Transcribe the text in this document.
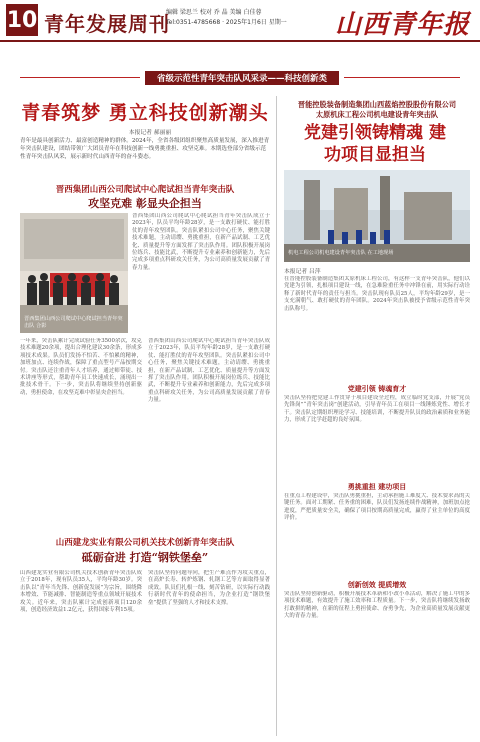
10 青年发展周刊
编辑 梁思兰 校对 乔 晶 美编 白佳蓉
Tel:0351-4785668 · 2025年1月6日 星期一	山西青年报
省级示范性青年突击队风采录——科技创新类
青春筑梦 勇立科技创新潮头
本报记者 郝丽丽
青年是最具创新活力、最富创造精神的群体。2024年，全省各级团组织聚焦高质量发展，深入推进青年突击队建设，团结带领广大团员青年在科技创新一线勇挑重担、攻坚克难。本期选登部分省级示范性青年突击队风采，展示新时代山西青年的奋斗姿态。
晋西集团山西公司爬试中心爬试担当青年突击队
攻坚克难 彰显央企担当
晋西集团山西公司爬试中心爬试担当青年突击队 合影
晋西集团山西公司爬试中心爬试担当青年突击队成立于2023年，队员平均年龄28岁，是一支敢打硬仗、能打胜仗的青年攻坚团队。突击队紧扣公司中心任务，聚焦关键技术难题，主动请缨、勇挑重担，在新产品试制、工艺优化、质量提升等方面发挥了突击队作用。团队积极开展岗位练兵、技能比武，不断提升专业素养和创新能力，先后完成多项重点科研攻关任务，为公司高质量发展贡献了青春力量。
一年来，突击队累计完成试验任务3500余次，攻克技术难题20余项，提出合理化建议30余条，形成多项技术成果。队员们发扬不怕苦、不怕累的精神，加班加点、连续作战，保障了重点型号产品按期交付。突击队还注重青年人才培养，通过师带徒、技术讲座等形式，帮助青年员工快速成长，涌现出一批技术骨干。下一步，突击队将继续坚持创新驱动，勇担使命，在攻坚克难中彰显央企担当。
晋西集团山西公司爬试中心爬试担当青年突击队成立于2023年，队员平均年龄28岁，是一支敢打硬仗、能打胜仗的青年攻坚团队。突击队紧扣公司中心任务，聚焦关键技术难题，主动请缨、勇挑重担，在新产品试制、工艺优化、质量提升等方面发挥了突击队作用。团队积极开展岗位练兵、技能比武，不断提升专业素养和创新能力，先后完成多项重点科研攻关任务，为公司高质量发展贡献了青春力量。
山西建龙实业有限公司机关技术创新青年突击队
砥砺奋进 打造“钢铁堡垒”
山西建龙实业有限公司机关技术创新青年突击队成立于2018年，现有队员35人，平均年龄30岁。突击队以“青年当先锋、创新促发展”为宗旨，围绕降本增效、节能减排、智能制造等重点领域开展技术攻关。近年来，突击队累计完成创新项目120余项，创造经济效益1.2亿元，获得国家专利15项。
突击队坚持问题导向，把生产难点作为攻关重点，在高炉长寿、转炉炼钢、轧钢工艺等方面取得显著成效。队员们扎根一线、刻苦钻研，以实际行动践行新时代青年的使命担当，为企业打造“钢铁堡垒”提供了坚强的人才和技术支撑。
晋能控股装备制造集团山西蓝焰控股股份有限公司
太原机床工程公司机电建设青年突击队
党建引领铸精魂 建功项目显担当
机电工程公司机电建设青年突击队 在工地现场
本报记者 吕萍
在晋能控股装备制造集团太原机床工程公司，有这样一支青年突击队，他们以党建为引领，扎根项目建设一线，在急难险重任务中冲锋在前，用实际行动诠释了新时代青年的责任与担当。突击队现有队员25人，平均年龄29岁，是一支充满朝气、敢打硬仗的青年团队。2024年突击队被授予省级示范性青年突击队称号。
党建引领 铸魂育才
突击队坚持把党建工作贯穿于项目建设全过程，成立临时党支部，开展“党员先锋岗”“青年突击岗”创建活动，引导青年员工在项目一线锤炼党性、增长才干。突击队定期组织理论学习、技能培训，不断提升队员的政治素质和业务能力，形成了比学赶超的良好氛围。
勇挑重担 建功项目
在重点工程建设中，突击队勇挑重担，主动承担施工难度大、技术要求高的关键任务。面对工期紧、任务重的困难，队员们发扬连续作战精神，加班加点抢进度，严把质量安全关，确保了项目按期高质量完成，赢得了业主单位的高度评价。
创新创效 提质增效
突击队坚持创新驱动，积极开展技术革新和小改小革活动，解决了施工中的多项技术难题，有效提升了施工效率和工程质量。下一步，突击队将继续发扬敢打敢拼的精神，在新的征程上勇担使命、奋勇争先，为企业高质量发展贡献更大的青春力量。
